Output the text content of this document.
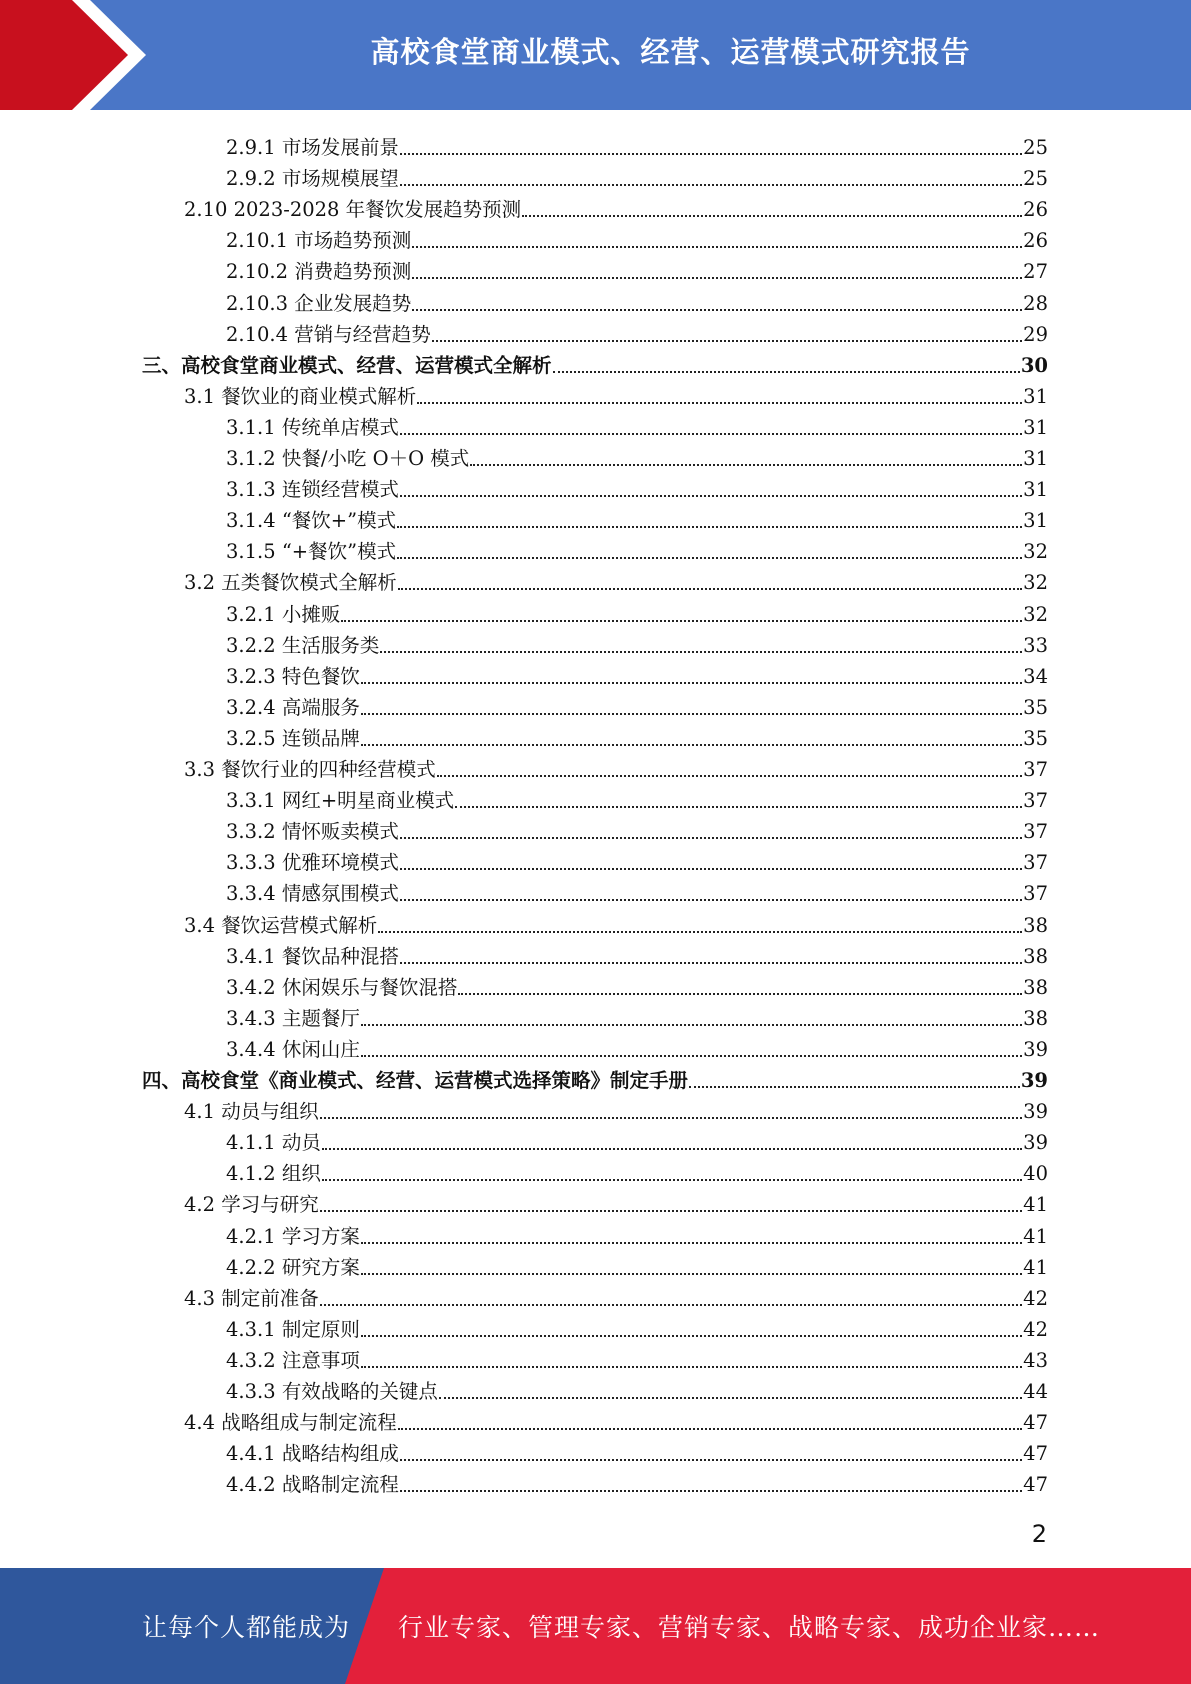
高校食堂商业模式、经营、运营模式研究报告
2.9.1 市场发展前景	25
2.9.2 市场规模展望	25
2.10 2023-2028 年餐饮发展趋势预测	26
2.10.1 市场趋势预测	26
2.10.2 消费趋势预测	27
2.10.3 企业发展趋势	28
2.10.4 营销与经营趋势	29
三、高校食堂商业模式、经营、运营模式全解析	30
3.1 餐饮业的商业模式解析	31
3.1.1 传统单店模式	31
3.1.2 快餐/小吃 O＋O 模式	31
3.1.3 连锁经营模式	31
3.1.4 “餐饮+”模式	31
3.1.5 “+餐饮”模式	32
3.2 五类餐饮模式全解析	32
3.2.1 小摊贩	32
3.2.2 生活服务类	33
3.2.3 特色餐饮	34
3.2.4 高端服务	35
3.2.5 连锁品牌	35
3.3 餐饮行业的四种经营模式	37
3.3.1 网红+明星商业模式	37
3.3.2 情怀贩卖模式	37
3.3.3 优雅环境模式	37
3.3.4 情感氛围模式	37
3.4 餐饮运营模式解析	38
3.4.1 餐饮品种混搭	38
3.4.2 休闲娱乐与餐饮混搭	38
3.4.3 主题餐厅	38
3.4.4 休闲山庄	39
四、高校食堂《商业模式、经营、运营模式选择策略》制定手册	39
4.1 动员与组织	39
4.1.1 动员	39
4.1.2 组织	40
4.2 学习与研究	41
4.2.1 学习方案	41
4.2.2 研究方案	41
4.3 制定前准备	42
4.3.1 制定原则	42
4.3.2 注意事项	43
4.3.3 有效战略的关键点	44
4.4 战略组成与制定流程	47
4.4.1 战略结构组成	47
4.4.2 战略制定流程	47
2
让每个人都能成为 行业专家、管理专家、营销专家、战略专家、成功企业家……
